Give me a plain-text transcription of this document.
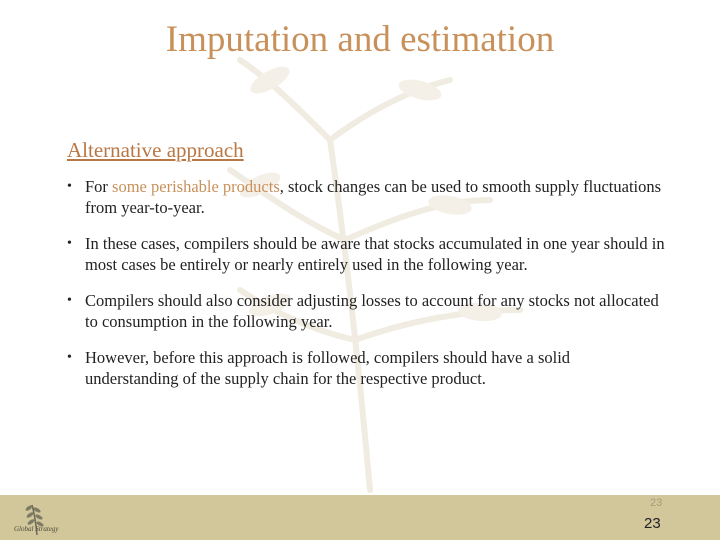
Imputation and estimation
Alternative approach
• For some perishable products, stock changes can be used to smooth supply fluctuations from year-to-year.
• In these cases, compilers should be aware that stocks accumulated in one year should in most cases be entirely or nearly entirely used in the following year.
• Compilers should also consider adjusting losses to account for any stocks not allocated to consumption in the following year.
• However, before this approach is followed, compilers should have a solid understanding of the supply chain for the respective product.
Global Strategy
23
23
